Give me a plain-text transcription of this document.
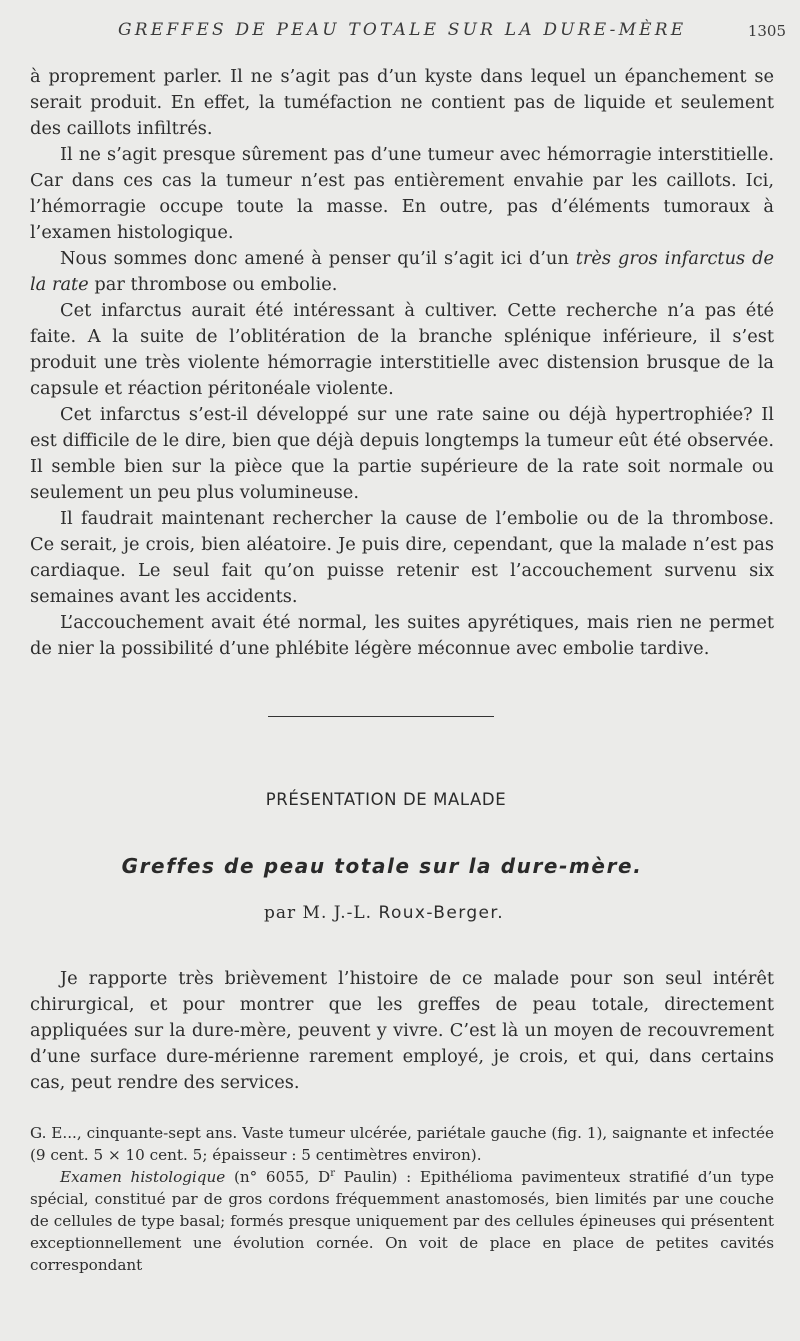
GREFFES DE PEAU TOTALE SUR LA DURE-MÈRE	1305

à proprement parler. Il ne s’agit pas d’un kyste dans lequel un épanchement se serait produit. En effet, la tuméfaction ne contient pas de liquide et seulement des caillots infiltrés.

Il ne s’agit presque sûrement pas d’une tumeur avec hémorragie interstitielle. Car dans ces cas la tumeur n’est pas entièrement envahie par les caillots. Ici, l’hémorragie occupe toute la masse. En outre, pas d’éléments tumoraux à l’examen histologique.

Nous sommes donc amené à penser qu’il s’agit ici d’un très gros infarctus de la rate par thrombose ou embolie.

Cet infarctus aurait été intéressant à cultiver. Cette recherche n’a pas été faite. A la suite de l’oblitération de la branche splénique inférieure, il s’est produit une très violente hémorragie interstitielle avec distension brusque de la capsule et réaction péritonéale violente.

Cet infarctus s’est-il développé sur une rate saine ou déjà hypertrophiée? Il est difficile de le dire, bien que déjà depuis longtemps la tumeur eût été observée. Il semble bien sur la pièce que la partie supérieure de la rate soit normale ou seulement un peu plus volumineuse.

Il faudrait maintenant rechercher la cause de l’embolie ou de la thrombose. Ce serait, je crois, bien aléatoire. Je puis dire, cependant, que la malade n’est pas cardiaque. Le seul fait qu’on puisse retenir est l’accouchement survenu six semaines avant les accidents.

L’accouchement avait été normal, les suites apyrétiques, mais rien ne permet de nier la possibilité d’une phlébite légère méconnue avec embolie tardive.

PRÉSENTATION DE MALADE
Greffes de peau totale sur la dure-mère.
par M. J.-L. Roux-Berger.

Je rapporte très brièvement l’histoire de ce malade pour son seul intérêt chirurgical, et pour montrer que les greffes de peau totale, directement appliquées sur la dure-mère, peuvent y vivre. C’est là un moyen de recouvrement d’une surface dure-mérienne rarement employé, je crois, et qui, dans certains cas, peut rendre des services.

G. E..., cinquante-sept ans. Vaste tumeur ulcérée, pariétale gauche (fig. 1), saignante et infectée (9 cent. 5 × 10 cent. 5; épaisseur : 5 centimètres environ).

Examen histologique (n° 6055, $D^r$ Paulin) : Epithélioma pavimenteux stratifié d’un type spécial, constitué par de gros cordons fréquemment anastomosés, bien limités par une couche de cellules de type basal; formés presque uniquement par des cellules épineuses qui présentent exceptionnellement une évolution cornée. On voit de place en place de petites cavités correspondant
